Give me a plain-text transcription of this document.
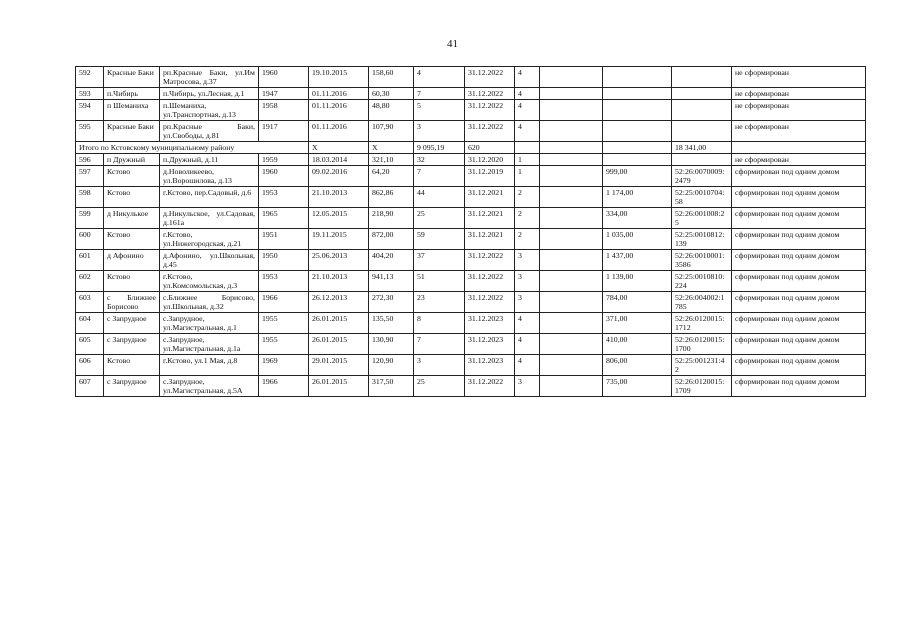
41
592	Красные Баки	рп.Красные Баки, ул.Им Матросова, д.37	1960	19.10.2015	158,60	4	31.12.2022	4					не сформирован
593	п.Чибирь	п.Чибирь, ул.Лесная, д.1	1947	01.11.2016	60,30	7	31.12.2022	4					не сформирован
594	п Шеманиха	п.Шеманиха, ул.Транспортная, д.13	1958	01.11.2016	48,80	5	31.12.2022	4					не сформирован
595	Красные Баки	рп.Красные Баки, ул.Свободы, д.81	1917	01.11.2016	107,90	3	31.12.2022	4					не сформирован
Итого по Кстовскому муниципальному району				Х	Х	9 095,19	620				18 341,00		
596	п Дружный	п.Дружный, д.11	1959	18.03.2014	321,10	32	31.12.2020	1					не сформирован
597	Кстово	д.Новоликеево, ул.Ворошилова, д.13	1960	09.02.2016	64,20	7	31.12.2019	1		999,00	52:26:0070009:2479		сформирован под одним домом
598	Кстово	г.Кстово, пер.Садовый, д.6	1953	21.10.2013	862,86	44	31.12.2021	2		1 174,00	52:25:0010704:58		сформирован под одним домом
599	д Никулькое	д.Никульское, ул.Садовая, д.161а	1965	12.05.2015	218,90	25	31.12.2021	2		334,00	52:26:001008:25		сформирован под одним домом
600	Кстово	г.Кстово, ул.Нижегородская, д.21	1951	19.11.2015	872,00	59	31.12.2021	2		1 035,00	52:25:0010812:139		сформирован под одним домом
601	д Афонино	д.Афонино, ул.Школьная, д.45	1950	25.06.2013	404,20	37	31.12.2022	3		1 437,00	52:26:0010001:3586		сформирован под одним домом
602	Кстово	г.Кстово, ул.Комсомольская, д.3	1953	21.10.2013	941,13	51	31.12.2022	3		1 139,00	52:25:0010810:224		сформирован под одним домом
603	с Ближнее Борисово	с.Ближнее Борисово, ул.Школьная, д.32	1966	26.12.2013	272,30	23	31.12.2022	3		784,00	52:26:004002:1785		сформирован под одним домом
604	с Запрудное	с.Запрудное, ул.Магистральная, д.1	1955	26.01.2015	135,50	8	31.12.2023	4		371,00	52:26:0120015:1712		сформирован под одним домом
605	с Запрудное	с.Запрудное, ул.Магистральная, д.1а	1955	26.01.2015	130,90	7	31.12.2023	4		410,00	52:26:0120015:1700		сформирован под одним домом
606	Кстово	г.Кстово, ул.1 Мая, д.8	1969	29.01.2015	120,90	3	31.12.2023	4		806,00	52:25:001231:42		сформирован под одним домом
607	с Запрудное	с.Запрудное, ул.Магистральная, д.5А	1966	26.01.2015	317,50	25	31.12.2022	3		735,00	52:26:0120015:1709		сформирован под одним домом
